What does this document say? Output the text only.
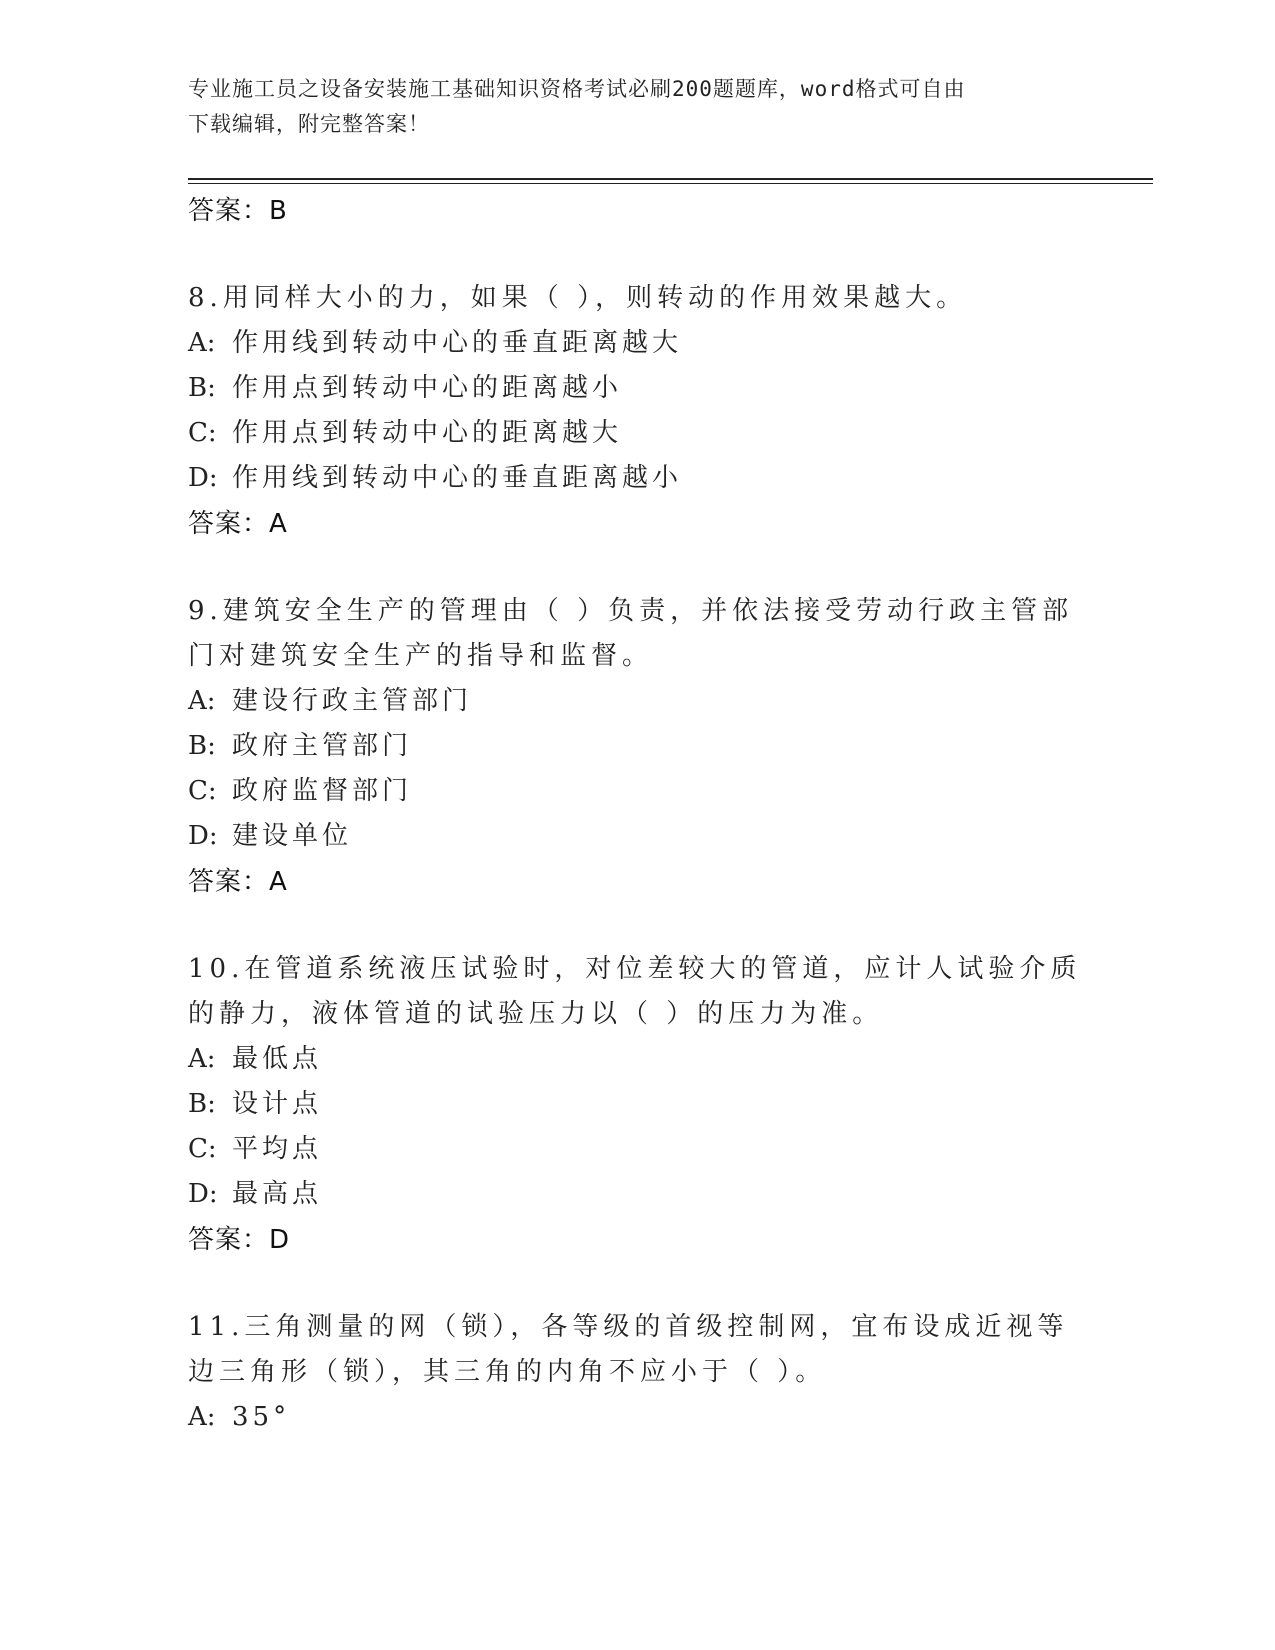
专业施工员之设备安装施工基础知识资格考试必刷200题题库，word格式可自由
下载编辑，附完整答案！
答案：B
8.用同样大小的力，如果（ ），则转动的作用效果越大。
A: 作用线到转动中心的垂直距离越大
B: 作用点到转动中心的距离越小
C: 作用点到转动中心的距离越大
D: 作用线到转动中心的垂直距离越小
答案：A
9.建筑安全生产的管理由（ ）负责，并依法接受劳动行政主管部门对建筑安全生产的指导和监督。
A: 建设行政主管部门
B: 政府主管部门
C: 政府监督部门
D: 建设单位
答案：A
10.在管道系统液压试验时，对位差较大的管道，应计人试验介质的静力，液体管道的试验压力以（ ）的压力为准。
A: 最低点
B: 设计点
C: 平均点
D: 最高点
答案：D
11.三角测量的网（锁），各等级的首级控制网，宜布设成近视等边三角形（锁），其三角的内角不应小于（ ）。
A: 35°
